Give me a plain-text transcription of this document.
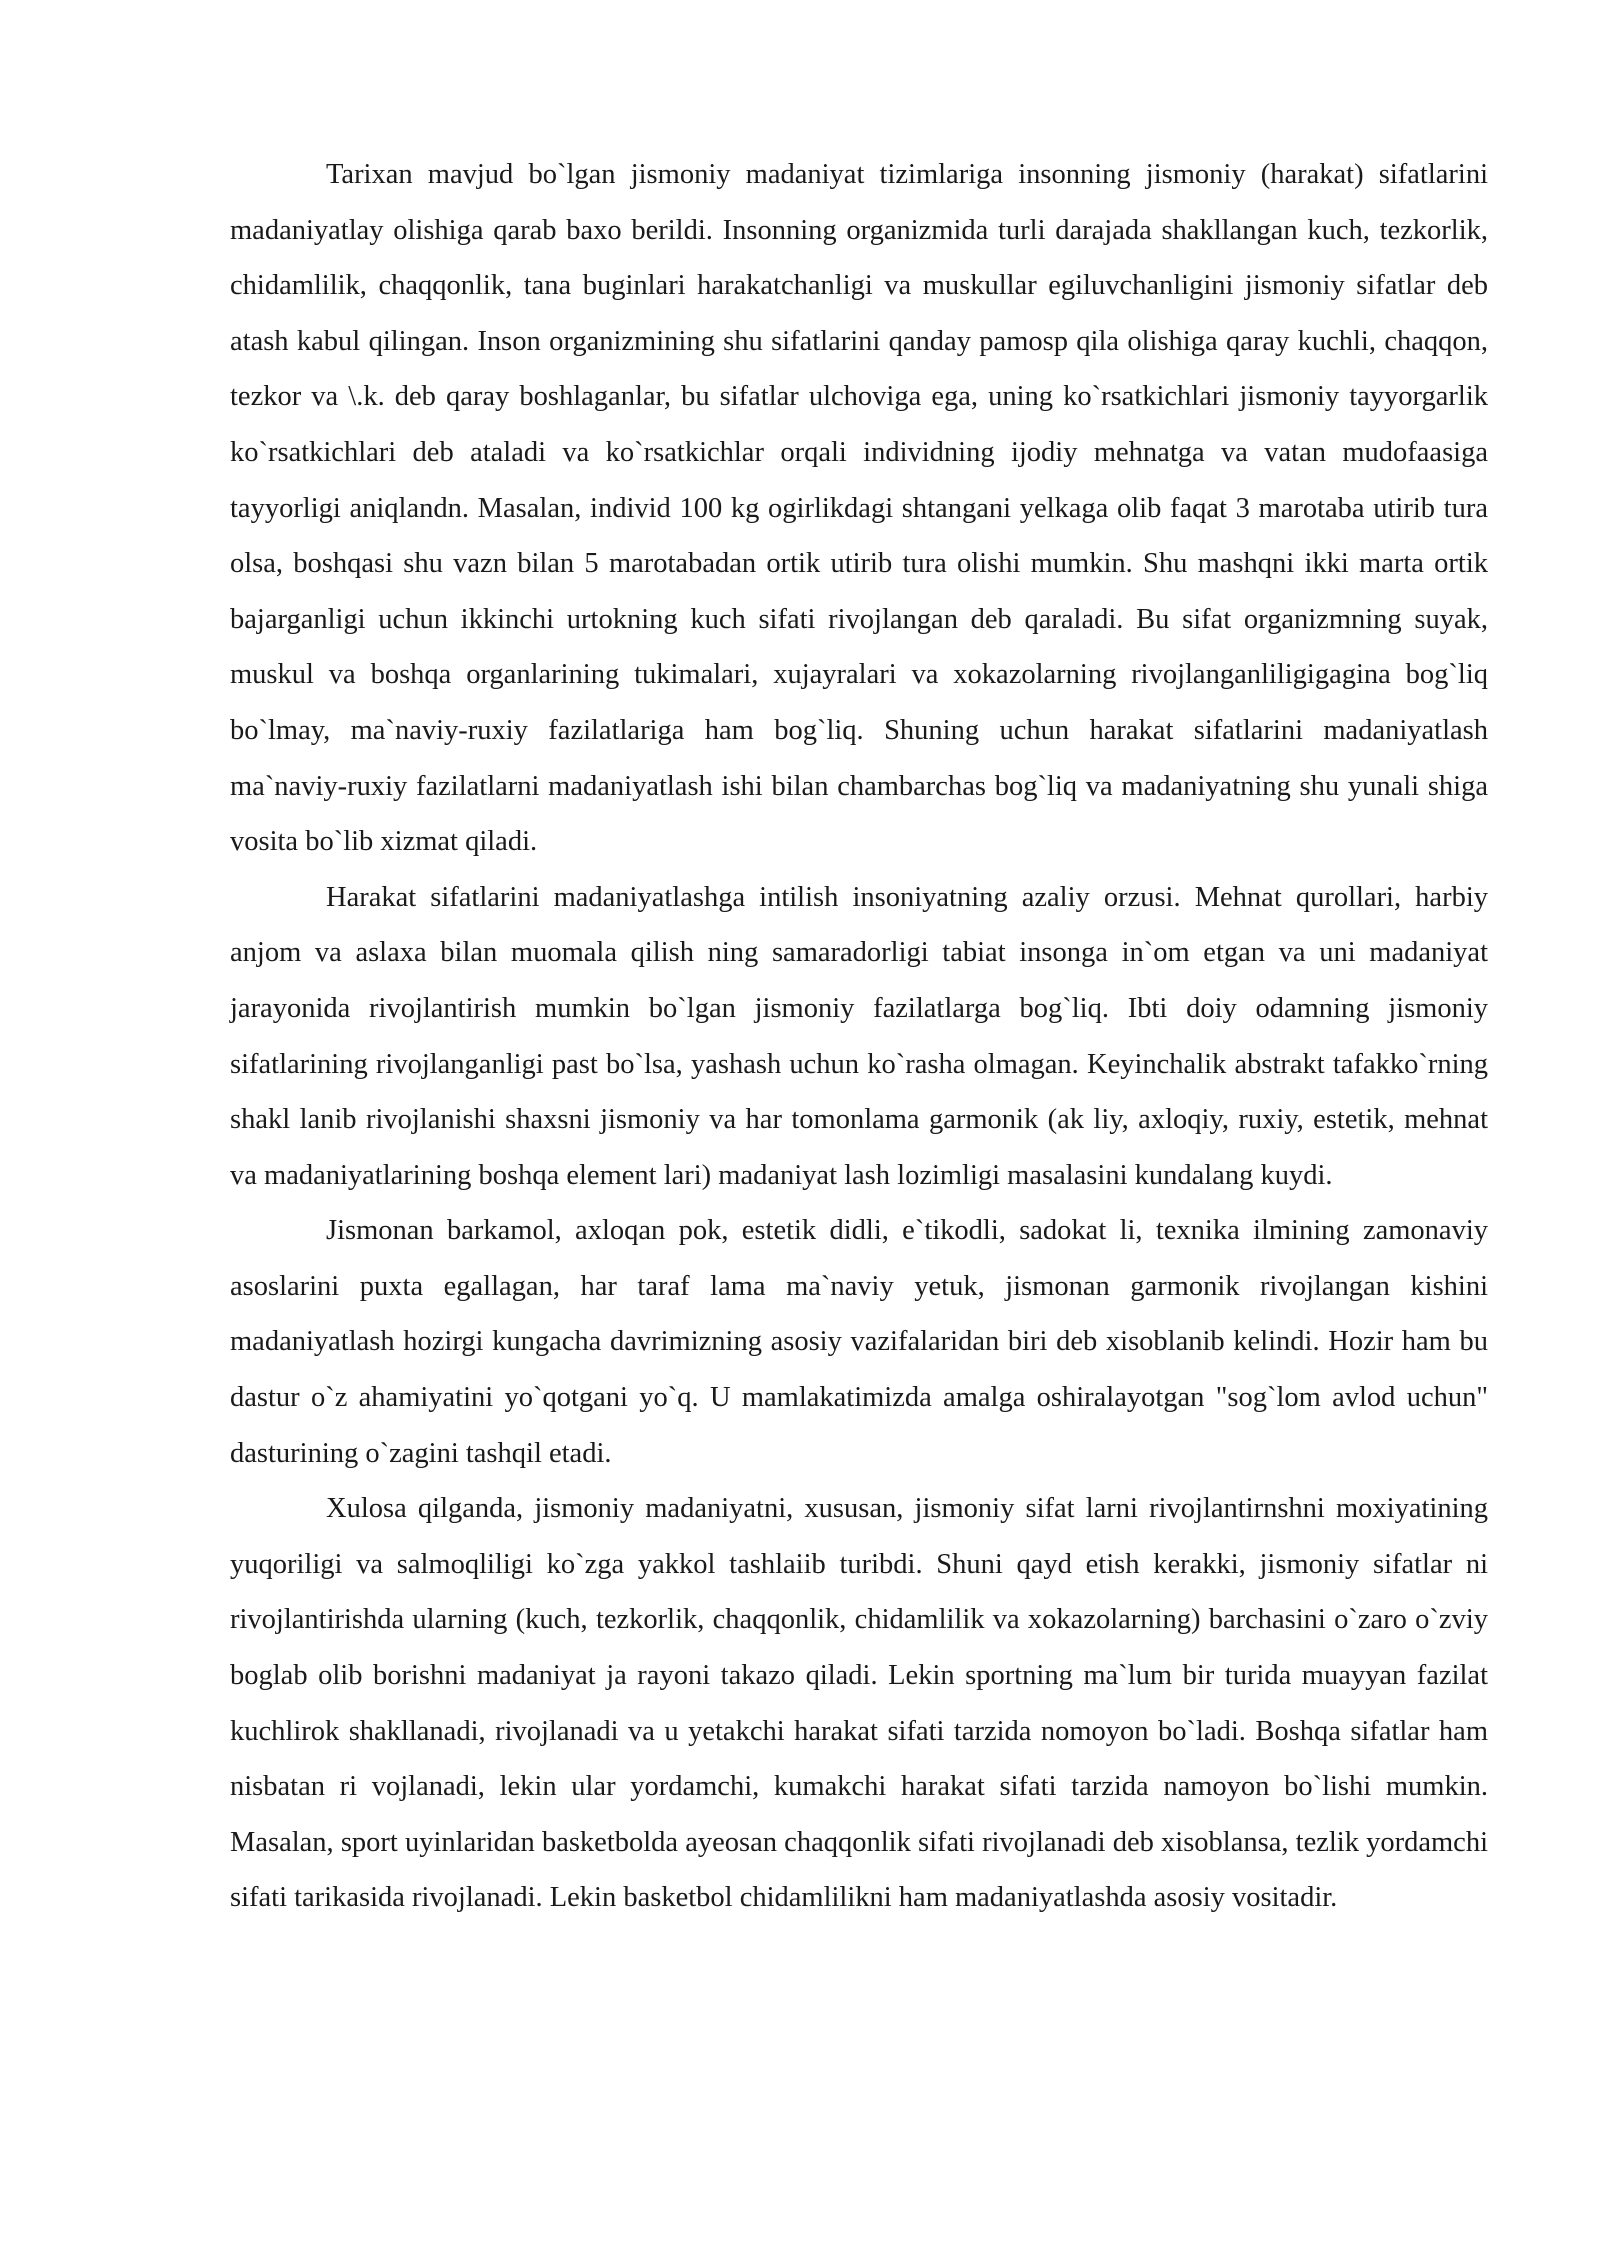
Tarixan mavjud bo`lgan jismoniy madaniyat tizimlariga insonning jismoniy (harakat) sifatlarini madaniyatlay olishiga qarab baxo berildi. Insonning organizmida turli darajada shakllangan kuch, tezkorlik, chidamlilik, chaqqonlik, tana buginlari harakatchanligi va muskullar egiluvchanligini jismoniy sifatlar deb atash kabul qilingan. Inson organizmining shu sifatlarini qanday pamosp qila olishiga qaray kuchli, chaqqon, tezkor va \.k. deb qaray boshlaganlar, bu sifatlar ulchoviga ega, uning ko`rsatkichlari jismoniy tayyorgarlik ko`rsatkichlari deb ataladi va ko`rsatkichlar orqali individning ijodiy mehnatga va vatan mudofaasiga tayyorligi aniqlandn. Masalan, individ 100 kg ogirlikdagi shtangani yelkaga olib faqat 3 marotaba utirib tura olsa, boshqasi shu vazn bilan 5 marotabadan ortik utirib tura olishi mumkin. Shu mashqni ikki marta ortik bajarganligi uchun ikkinchi urtokning kuch sifati rivojlangan deb qaraladi. Bu sifat organizmning suyak, muskul va boshqa organlarining tukimalari, xujayralari va xokazolarning rivojlanganliligigagina bog`liq bo`lmay, ma`naviy-ruxiy fazilatlariga ham bog`liq. Shuning uchun harakat sifatlarini madaniyatlash ma`naviy-ruxiy fazilatlarni madaniyatlash ishi bilan chambarchas bog`liq va madaniyatning shu yunali shiga vosita bo`lib xizmat qiladi.

Harakat sifatlarini madaniyatlashga intilish insoniyatning azaliy orzusi. Mehnat qurollari, harbiy anjom va aslaxa bilan muomala qilish ning samaradorligi tabiat insonga in`om etgan va uni madaniyat jarayonida rivojlantirish mumkin bo`lgan jismoniy fazilatlarga bog`liq. Ibti doiy odamning jismoniy sifatlarining rivojlanganligi past bo`lsa, yashash uchun ko`rasha olmagan. Keyinchalik abstrakt tafakko`rning shakl lanib rivojlanishi shaxsni jismoniy va har tomonlama garmonik (ak liy, axloqiy, ruxiy, estetik, mehnat va madaniyatlarining boshqa element lari) madaniyat lash lozimligi masalasini kundalang kuydi.

Jismonan barkamol, axloqan pok, estetik didli, e`tikodli, sadokat li, texnika ilmining zamonaviy asoslarini puxta egallagan, har taraf lama ma`naviy yetuk, jismonan garmonik rivojlangan kishini madaniyatlash hozirgi kungacha davrimizning asosiy vazifalaridan biri deb xisoblanib kelindi. Hozir ham bu dastur o`z ahamiyatini yo`qotgani yo`q. U mamlakatimizda amalga oshiralayotgan "sog`lom avlod uchun" dasturining o`zagini tashqil etadi.

Xulosa qilganda, jismoniy madaniyatni, xususan, jismoniy sifat larni rivojlantirnshni moxiyatining yuqoriligi va salmoqliligi ko`zga yakkol tashlaiib turibdi. Shuni qayd etish kerakki, jismoniy sifatlar ni rivojlantirishda ularning (kuch, tezkorlik, chaqqonlik, chidamlilik va xokazolarning) barchasini o`zaro o`zviy boglab olib borishni madaniyat ja rayoni takazo qiladi. Lekin sportning ma`lum bir turida muayyan fazilat kuchlirok shakllanadi, rivojlanadi va u yetakchi harakat sifati tarzida nomoyon bo`ladi. Boshqa sifatlar ham nisbatan ri vojlanadi, lekin ular yordamchi, kumakchi harakat sifati tarzida namoyon bo`lishi mumkin. Masalan, sport uyinlaridan basketbolda ayeosan chaqqonlik sifati rivojlanadi deb xisoblansa, tezlik yordamchi sifati tarikasida rivojlanadi. Lekin basketbol chidamlilikni ham madaniyatlashda asosiy vositadir.
